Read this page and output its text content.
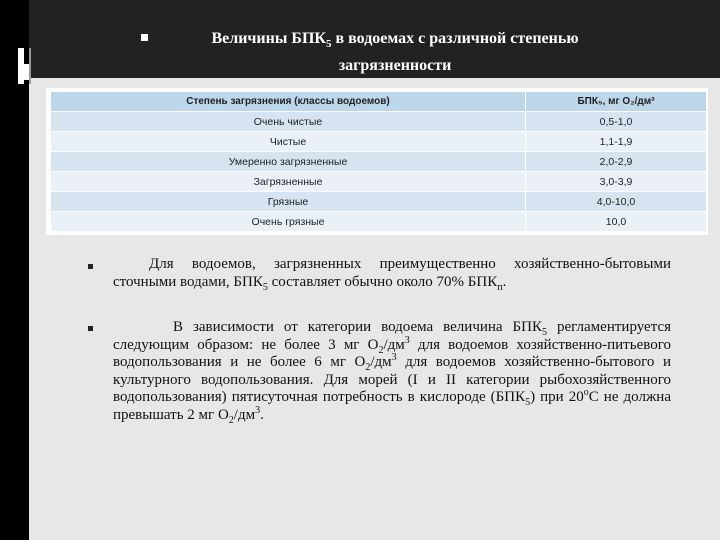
Величины $БПК_5$ в водоемах с различной степенью загрязненности
Степень загрязнения (классы водоемов)	БПК₅, мг О₂/дм³
Очень чистые	0,5-1,0
Чистые	1,1-1,9
Умеренно загрязненные	2,0-2,9
Загрязненные	3,0-3,9
Грязные	4,0-10,0
Очень грязные	10,0
Для водоемов, загрязненных преимущественно хозяйственно-бытовыми сточными водами, $БПК_5$ составляет обычно около 70% $БПК_п$.
В зависимости от категории водоема величина $БПК_5$ регламентируется следующим образом: не более 3 мг $О_2/дм^3$ для водоемов хозяйственно-питьевого водопользования и не более 6 мг $О_2/дм^3$ для водоемов хозяйственно-бытового и культурного водопользования. Для морей (I и II категории рыбохозяйственного водопользования) пятисуточная потребность в кислороде $(БПК_5)$ при $20^оС$ не должна превышать 2 мг $О_2/дм^3$.
